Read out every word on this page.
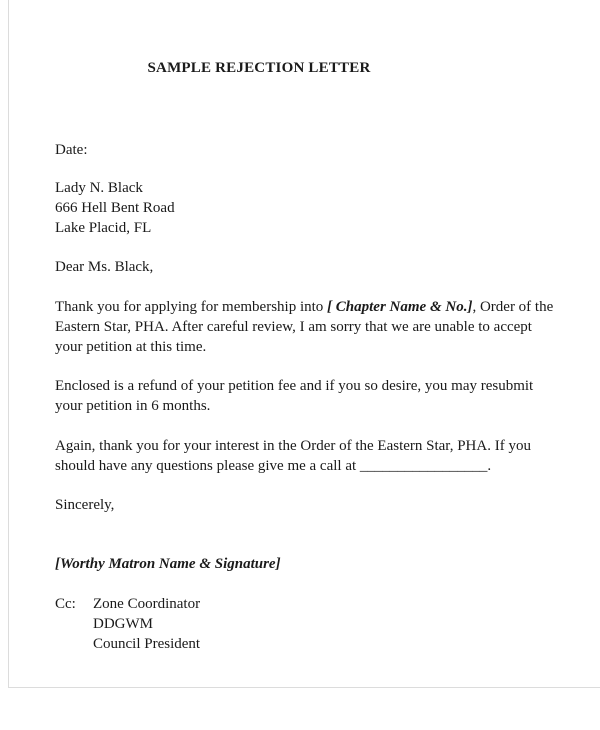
SAMPLE REJECTION LETTER
Date:
Lady N. Black
666 Hell Bent Road
Lake Placid, FL
Dear Ms. Black,
Thank you for applying for membership into [ Chapter Name & No.], Order of the
Eastern Star, PHA. After careful review, I am sorry that we are unable to accept
your petition at this time.
Enclosed is a refund of your petition fee and if you so desire, you may resubmit
your petition in 6 months.
Again, thank you for your interest in the Order of the Eastern Star, PHA. If you
should have any questions please give me a call at _________________.
Sincerely,
[Worthy Matron Name & Signature]
Cc: Zone Coordinator
DDGWM
Council President
